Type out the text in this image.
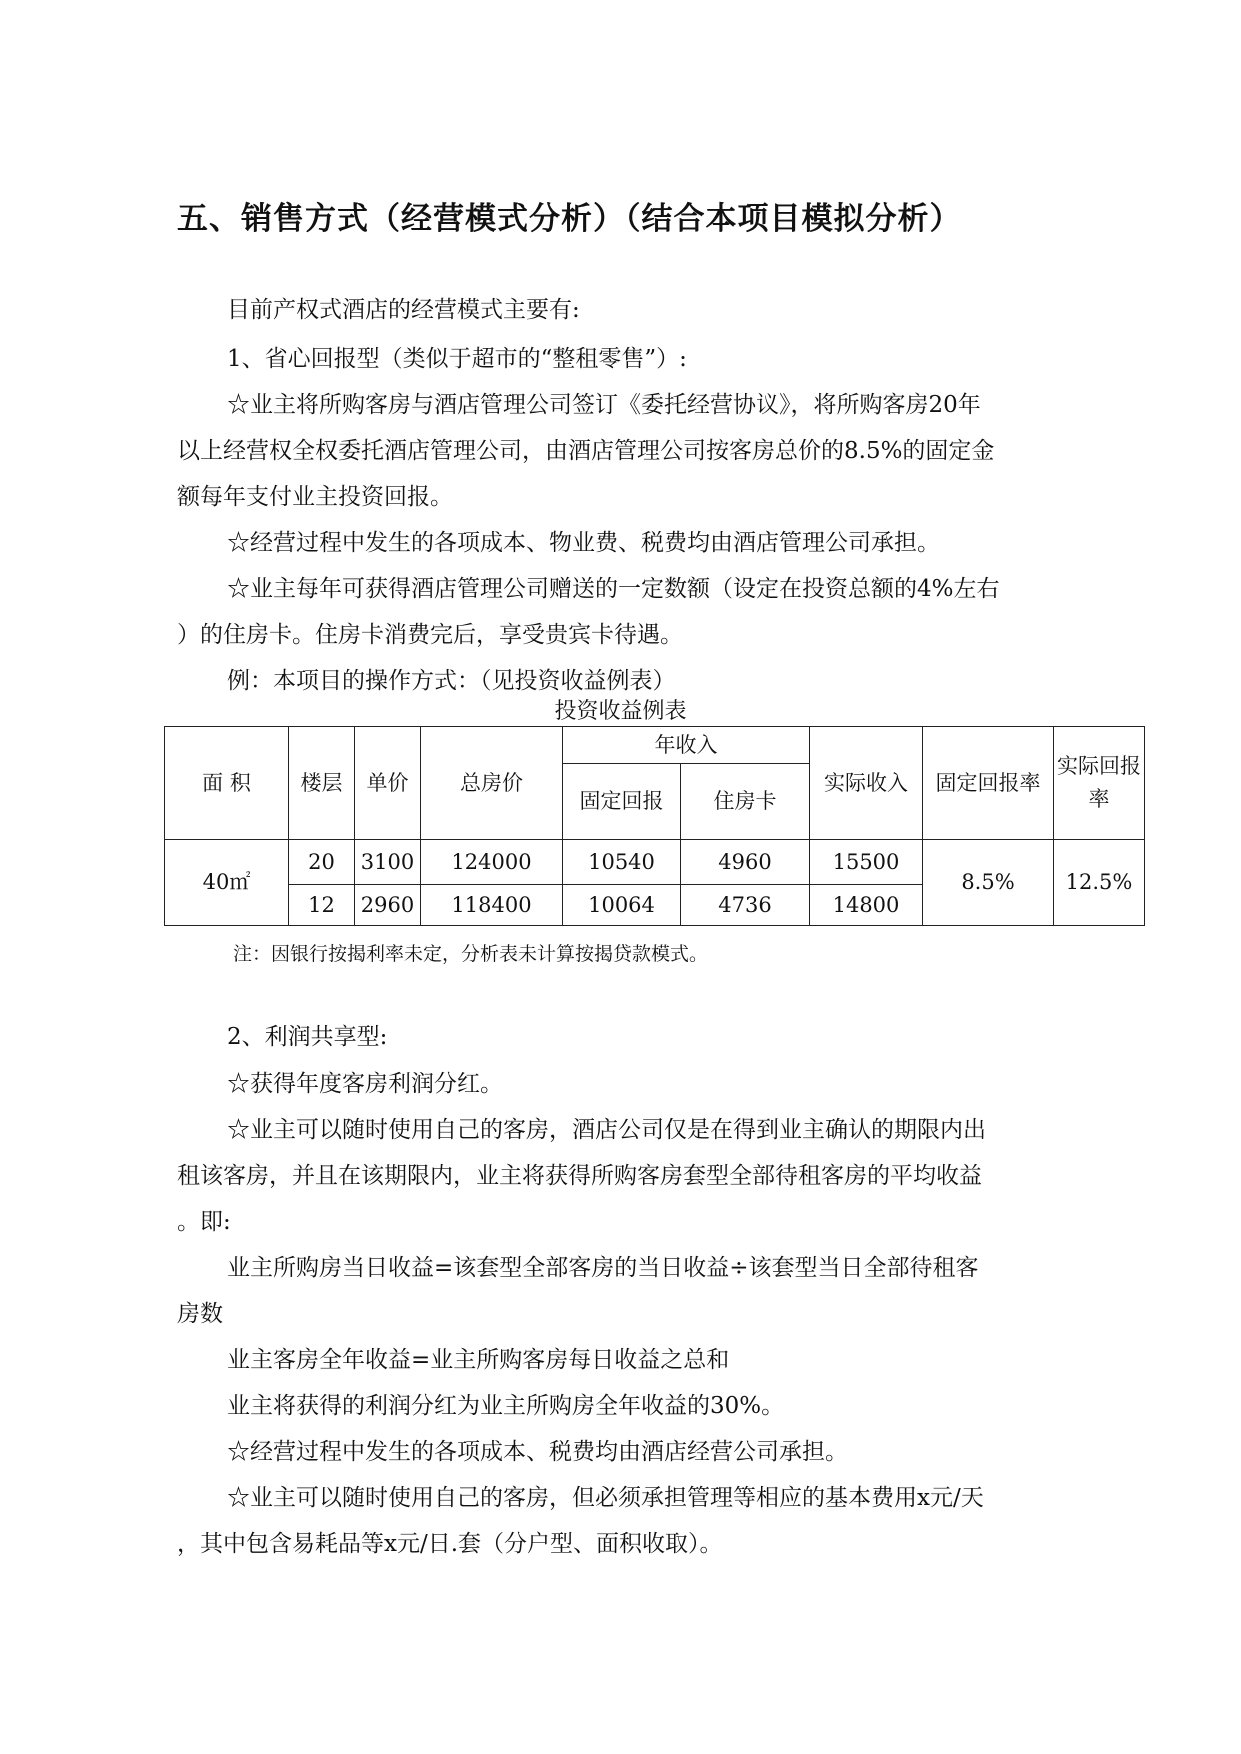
五、销售方式（经营模式分析）（结合本项目模拟分析）

目前产权式酒店的经营模式主要有:

1、省心回报型（类似于超市的“整租零售”）:

☆业主将所购客房与酒店管理公司签订《委托经营协议》，将所购客房20年

以上经营权全权委托酒店管理公司，由酒店管理公司按客房总价的8.5%的固定金

额每年支付业主投资回报。

☆经营过程中发生的各项成本、物业费、税费均由酒店管理公司承担。

☆业主每年可获得酒店管理公司赠送的一定数额（设定在投资总额的4%左右

）的住房卡。住房卡消费完后，享受贵宾卡待遇。

例：本项目的操作方式：（见投资收益例表）

投资收益例表
面 积	楼层	单价	总房价	年收入		实际收入	固定回报率	实际回报率
				固定回报	住房卡			
40㎡	20	3100	124000	10540	4960	15500	8.5%	12.5%
	12	2960	118400	10064	4736	14800		
注：因银行按揭利率未定，分析表未计算按揭贷款模式。

2、利润共享型:

☆获得年度客房利润分红。

☆业主可以随时使用自己的客房，酒店公司仅是在得到业主确认的期限内出

租该客房，并且在该期限内，业主将获得所购客房套型全部待租客房的平均收益

。即:

业主所购房当日收益=该套型全部客房的当日收益÷该套型当日全部待租客

房数

业主客房全年收益=业主所购客房每日收益之总和

业主将获得的利润分红为业主所购房全年收益的30%。

☆经营过程中发生的各项成本、税费均由酒店经营公司承担。

☆业主可以随时使用自己的客房，但必须承担管理等相应的基本费用x元/天

，其中包含易耗品等x元/日.套（分户型、面积收取）。
